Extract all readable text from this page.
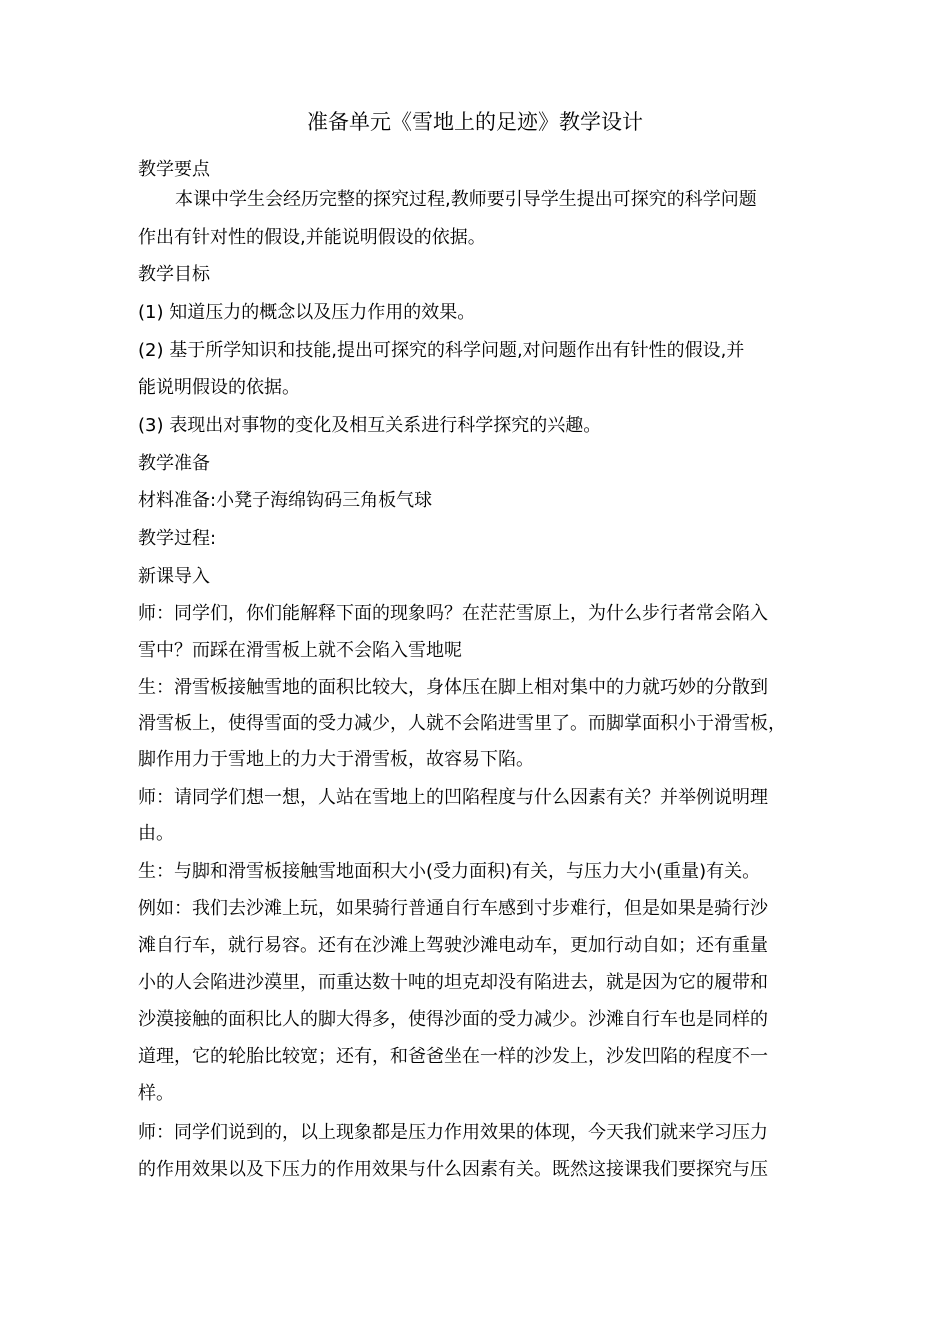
准备单元《雪地上的足迹》教学设计
教学要点
本课中学生会经历完整的探究过程,教师要引导学生提出可探究的科学问题
作出有针对性的假设,并能说明假设的依据。
教学目标
(1) 知道压力的概念以及压力作用的效果。
(2) 基于所学知识和技能,提出可探究的科学问题,对问题作出有针性的假设,并
能说明假设的依据。
(3) 表现出对事物的变化及相互关系进行科学探究的兴趣。
教学准备
材料准备:小凳子海绵钩码三角板气球
教学过程:
新课导入
师：同学们，你们能解释下面的现象吗？在茫茫雪原上，为什么步行者常会陷入
雪中？而踩在滑雪板上就不会陷入雪地呢
生：滑雪板接触雪地的面积比较大，身体压在脚上相对集中的力就巧妙的分散到
滑雪板上，使得雪面的受力减少，人就不会陷进雪里了。而脚掌面积小于滑雪板，
脚作用力于雪地上的力大于滑雪板，故容易下陷。
师：请同学们想一想，人站在雪地上的凹陷程度与什么因素有关？并举例说明理
由。
生：与脚和滑雪板接触雪地面积大小(受力面积)有关，与压力大小(重量)有关。
例如：我们去沙滩上玩，如果骑行普通自行车感到寸步难行，但是如果是骑行沙
滩自行车，就行易容。还有在沙滩上驾驶沙滩电动车，更加行动自如；还有重量
小的人会陷进沙漠里，而重达数十吨的坦克却没有陷进去，就是因为它的履带和
沙漠接触的面积比人的脚大得多，使得沙面的受力减少。沙滩自行车也是同样的
道理，它的轮胎比较宽；还有，和爸爸坐在一样的沙发上，沙发凹陷的程度不一
样。
师：同学们说到的，以上现象都是压力作用效果的体现，今天我们就来学习压力
的作用效果以及下压力的作用效果与什么因素有关。既然这接课我们要探究与压
